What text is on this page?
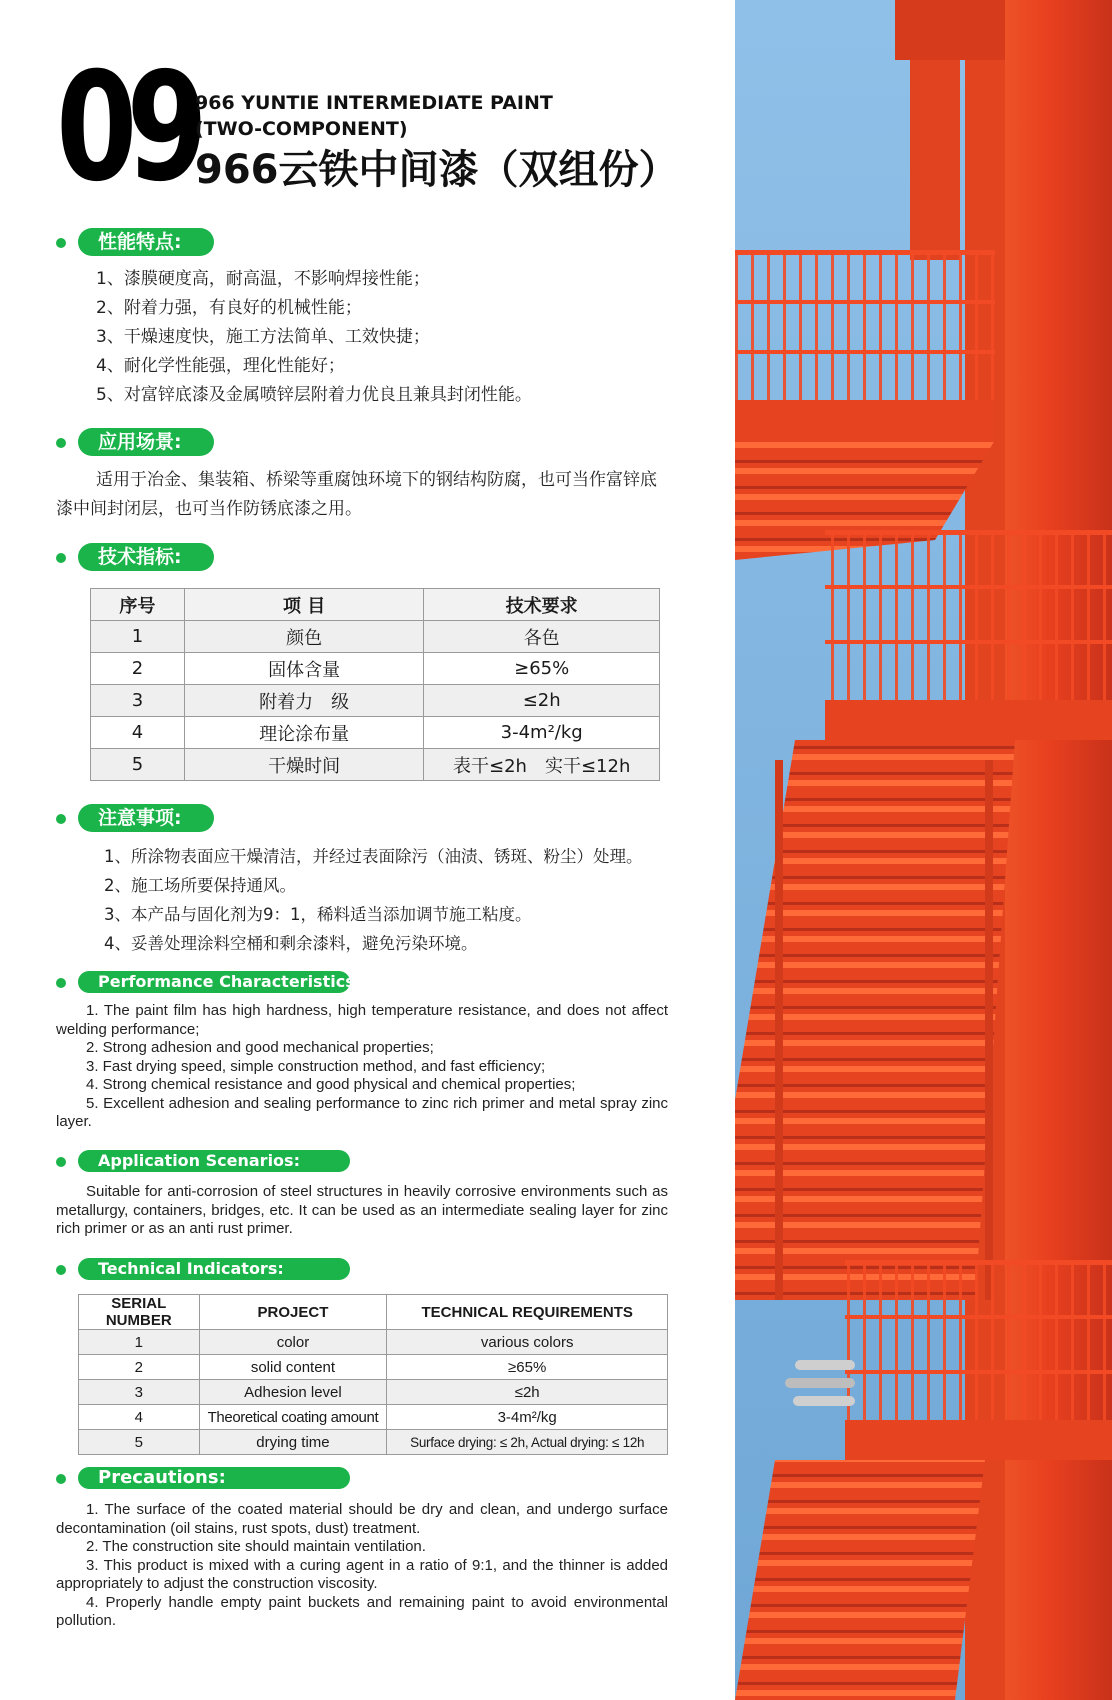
09
966 YUNTIE INTERMEDIATE PAINT
(TWO-COMPONENT)
966云铁中间漆（双组份）
性能特点:
1、漆膜硬度高，耐高温，不影响焊接性能；
2、附着力强，有良好的机械性能；
3、干燥速度快，施工方法简单、工效快捷；
4、耐化学性能强，理化性能好；
5、对富锌底漆及金属喷锌层附着力优良且兼具封闭性能。
应用场景:
适用于冶金、集装箱、桥梁等重腐蚀环境下的钢结构防腐，也可当作富锌底漆中间封闭层，也可当作防锈底漆之用。
技术指标:
序号	项 目	技术要求
1	颜色	各色
2	固体含量	≥65%
3	附着力　级	≤2h
4	理论涂布量	3-4m²/kg
5	干燥时间	表干≤2h　实干≤12h
注意事项:
1、所涂物表面应干燥清洁，并经过表面除污（油渍、锈斑、粉尘）处理。
2、施工场所要保持通风。
3、本产品与固化剂为9：1，稀料适当添加调节施工粘度。
4、妥善处理涂料空桶和剩余漆料，避免污染环境。
Performance Characteristics:
1. The paint film has high hardness, high temperature resistance, and does not affect welding performance;
2. Strong adhesion and good mechanical properties;
3. Fast drying speed, simple construction method, and fast efficiency;
4. Strong chemical resistance and good physical and chemical properties;
5. Excellent adhesion and sealing performance to zinc rich primer and metal spray zinc layer.
Application Scenarios:
Suitable for anti-corrosion of steel structures in heavily corrosive environments such as metallurgy, containers, bridges, etc. It can be used as an intermediate sealing layer for zinc rich primer or as an anti rust primer.
Technical Indicators:
SERIAL NUMBER	PROJECT	TECHNICAL REQUIREMENTS
1	color	various colors
2	solid content	≥65%
3	Adhesion level	≤2h
4	Theoretical coating amount	3-4m²/kg
5	drying time	Surface drying: ≤ 2h, Actual drying: ≤ 12h
Precautions:
1. The surface of the coated material should be dry and clean, and undergo surface decontamination (oil stains, rust spots, dust) treatment.
2. The construction site should maintain ventilation.
3. This product is mixed with a curing agent in a ratio of 9:1, and the thinner is added appropriately to adjust the construction viscosity.
4. Properly handle empty paint buckets and remaining paint to avoid environmental pollution.
